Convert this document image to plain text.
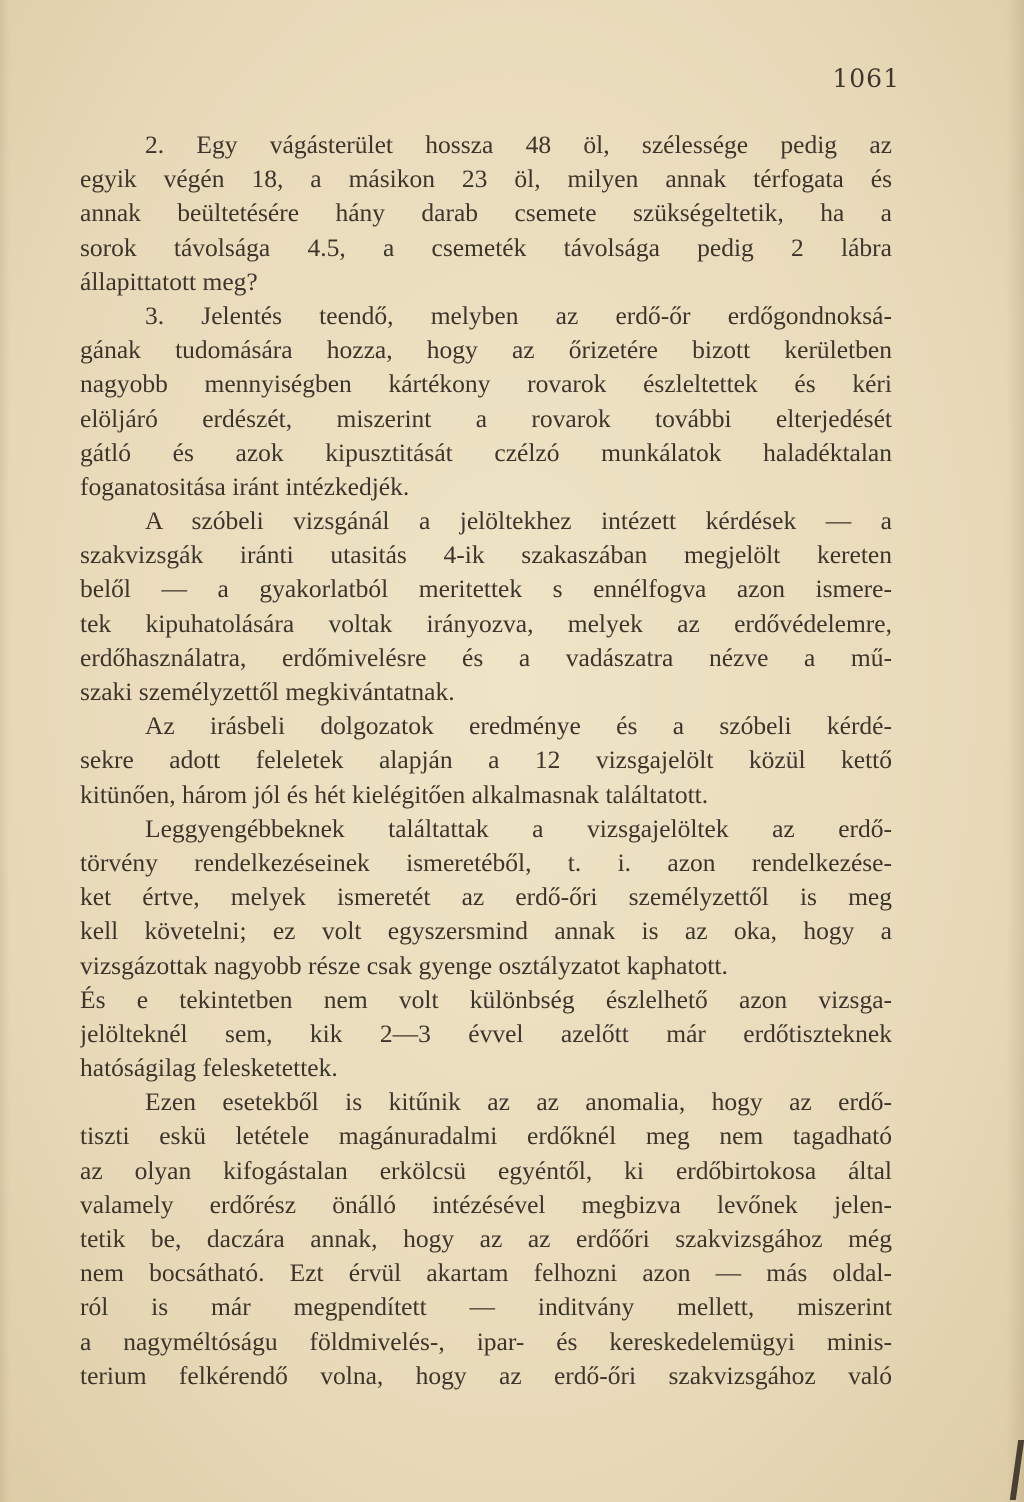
1061
2. Egy vágásterület hossza 48 öl, szélessége pedig az
egyik végén 18, a másikon 23 öl, milyen annak térfogata és
annak beültetésére hány darab csemete szükségeltetik, ha a
sorok távolsága 4.5, a csemeték távolsága pedig 2 lábra
állapittatott meg?
3. Jelentés teendő, melyben az erdő-őr erdőgondnoksá-
gának tudomására hozza, hogy az őrizetére bizott kerületben
nagyobb mennyiségben kártékony rovarok észleltettek és kéri
elöljáró erdészét, miszerint a rovarok további elterjedését
gátló és azok kipusztitását czélzó munkálatok haladéktalan
foganatositása iránt intézkedjék.
A szóbeli vizsgánál a jelöltekhez intézett kérdések — a
szakvizsgák iránti utasitás 4-ik szakaszában megjelölt kereten
belől — a gyakorlatból meritettek s ennélfogva azon ismere-
tek kipuhatolására voltak irányozva, melyek az erdővédelemre,
erdőhasználatra, erdőmivelésre és a vadászatra nézve a mű-
szaki személyzettől megkivántatnak.
Az irásbeli dolgozatok eredménye és a szóbeli kérdé-
sekre adott feleletek alapján a 12 vizsgajelölt közül kettő
kitünően, három jól és hét kielégitően alkalmasnak találtatott.
Leggyengébbeknek találtattak a vizsgajelöltek az erdő-
törvény rendelkezéseinek ismeretéből, t. i. azon rendelkezése-
ket értve, melyek ismeretét az erdő-őri személyzettől is meg
kell követelni; ez volt egyszersmind annak is az oka, hogy a
vizsgázottak nagyobb része csak gyenge osztályzatot kaphatott.
És e tekintetben nem volt különbség észlelhető azon vizsga-
jelölteknél sem, kik 2—3 évvel azelőtt már erdőtiszteknek
hatóságilag felesketettek.
Ezen esetekből is kitűnik az az anomalia, hogy az erdő-
tiszti eskü letétele magánuradalmi erdőknél meg nem tagadható
az olyan kifogástalan erkölcsü egyéntől, ki erdőbirtokosa által
valamely erdőrész önálló intézésével megbizva levőnek jelen-
tetik be, daczára annak, hogy az az erdőőri szakvizsgához még
nem bocsátható. Ezt érvül akartam felhozni azon — más oldal-
ról is már megpendített — inditvány mellett, miszerint
a nagyméltóságu földmivelés-, ipar- és kereskedelemügyi minis-
terium felkérendő volna, hogy az erdő-őri szakvizsgához való
